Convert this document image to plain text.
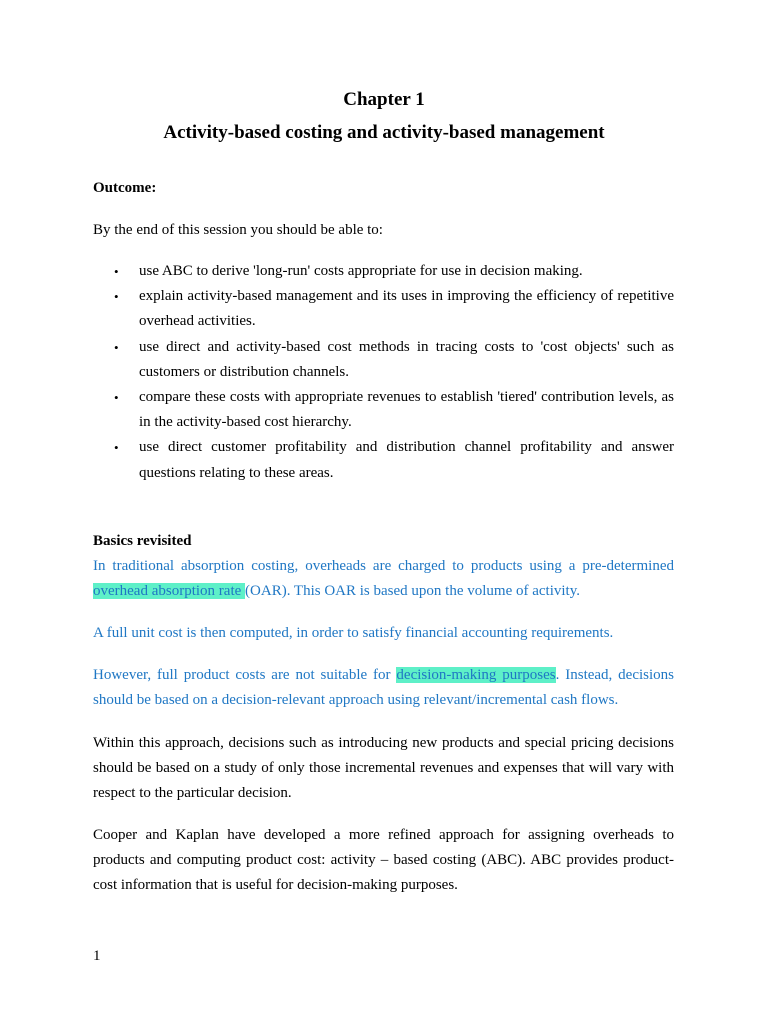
Chapter 1
Activity-based costing and activity-based management
Outcome:
By the end of this session you should be able to:
• use ABC to derive 'long-run' costs appropriate for use in decision making.
• explain activity-based management and its uses in improving the efficiency of repetitive overhead activities.
• use direct and activity-based cost methods in tracing costs to 'cost objects' such as customers or distribution channels.
• compare these costs with appropriate revenues to establish 'tiered' contribution levels, as in the activity-based cost hierarchy.
• use direct customer profitability and distribution channel profitability and answer questions relating to these areas.
Basics revisited
In traditional absorption costing, overheads are charged to products using a pre-determined overhead absorption rate (OAR). This OAR is based upon the volume of activity.
A full unit cost is then computed, in order to satisfy financial accounting requirements.
However, full product costs are not suitable for decision-making purposes. Instead, decisions should be based on a decision-relevant approach using relevant/incremental cash flows.
Within this approach, decisions such as introducing new products and special pricing decisions should be based on a study of only those incremental revenues and expenses that will vary with respect to the particular decision.
Cooper and Kaplan have developed a more refined approach for assigning overheads to products and computing product cost: activity – based costing (ABC). ABC provides product-cost information that is useful for decision-making purposes.
1
